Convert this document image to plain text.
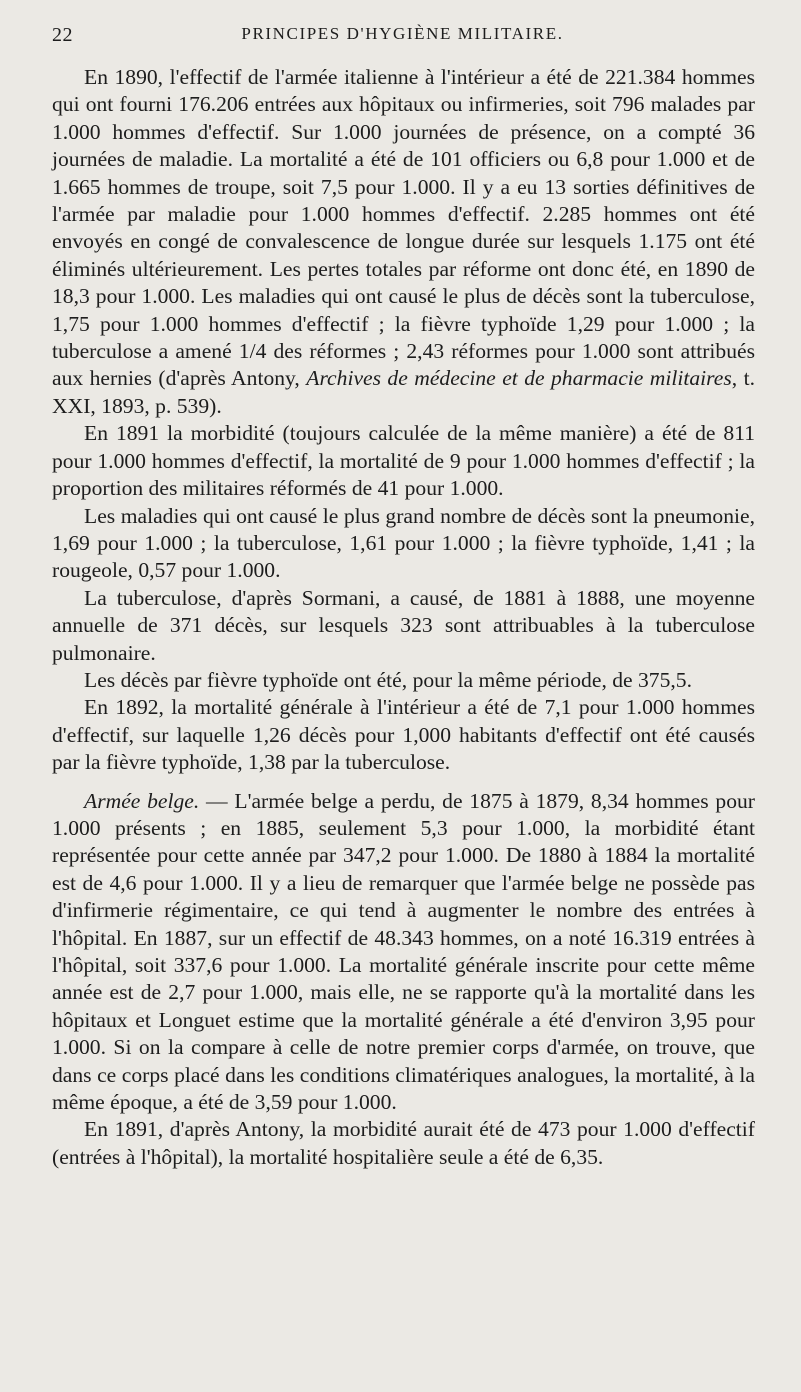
22	PRINCIPES D'HYGIÈNE MILITAIRE.

En 1890, l'effectif de l'armée italienne à l'intérieur a été de 221.384 hommes qui ont fourni 176.206 entrées aux hôpitaux ou infirmeries, soit 796 malades par 1.000 hommes d'effectif. Sur 1.000 journées de présence, on a compté 36 journées de maladie. La mortalité a été de 101 officiers ou 6,8 pour 1.000 et de 1.665 hommes de troupe, soit 7,5 pour 1.000. Il y a eu 13 sorties définitives de l'armée par maladie pour 1.000 hommes d'effectif. 2.285 hommes ont été envoyés en congé de convalescence de longue durée sur lesquels 1.175 ont été éliminés ultérieurement. Les pertes totales par réforme ont donc été, en 1890 de 18,3 pour 1.000. Les maladies qui ont causé le plus de décès sont la tuberculose, 1,75 pour 1.000 hommes d'effectif ; la fièvre typhoïde 1,29 pour 1.000 ; la tuberculose a amené 1/4 des réformes ; 2,43 réformes pour 1.000 sont attribués aux hernies (d'après Antony, Archives de médecine et de pharmacie militaires, t. XXI, 1893, p. 539).

En 1891 la morbidité (toujours calculée de la même manière) a été de 811 pour 1.000 hommes d'effectif, la mortalité de 9 pour 1.000 hommes d'effectif ; la proportion des militaires réformés de 41 pour 1.000.

Les maladies qui ont causé le plus grand nombre de décès sont la pneumonie, 1,69 pour 1.000 ; la tuberculose, 1,61 pour 1.000 ; la fièvre typhoïde, 1,41 ; la rougeole, 0,57 pour 1.000.

La tuberculose, d'après Sormani, a causé, de 1881 à 1888, une moyenne annuelle de 371 décès, sur lesquels 323 sont attribuables à la tuberculose pulmonaire.

Les décès par fièvre typhoïde ont été, pour la même période, de 375,5.

En 1892, la mortalité générale à l'intérieur a été de 7,1 pour 1.000 hommes d'effectif, sur laquelle 1,26 décès pour 1,000 habitants d'effectif ont été causés par la fièvre typhoïde, 1,38 par la tuberculose.

Armée belge. — L'armée belge a perdu, de 1875 à 1879, 8,34 hommes pour 1.000 présents ; en 1885, seulement 5,3 pour 1.000, la morbidité étant représentée pour cette année par 347,2 pour 1.000. De 1880 à 1884 la mortalité est de 4,6 pour 1.000. Il y a lieu de remarquer que l'armée belge ne possède pas d'infirmerie régimentaire, ce qui tend à augmenter le nombre des entrées à l'hôpital. En 1887, sur un effectif de 48.343 hommes, on a noté 16.319 entrées à l'hôpital, soit 337,6 pour 1.000. La mortalité générale inscrite pour cette même année est de 2,7 pour 1.000, mais elle, ne se rapporte qu'à la mortalité dans les hôpitaux et Longuet estime que la mortalité générale a été d'environ 3,95 pour 1.000. Si on la compare à celle de notre premier corps d'armée, on trouve, que dans ce corps placé dans les conditions climatériques analogues, la mortalité, à la même époque, a été de 3,59 pour 1.000.

En 1891, d'après Antony, la morbidité aurait été de 473 pour 1.000 d'effectif (entrées à l'hôpital), la mortalité hospitalière seule a été de 6,35.
